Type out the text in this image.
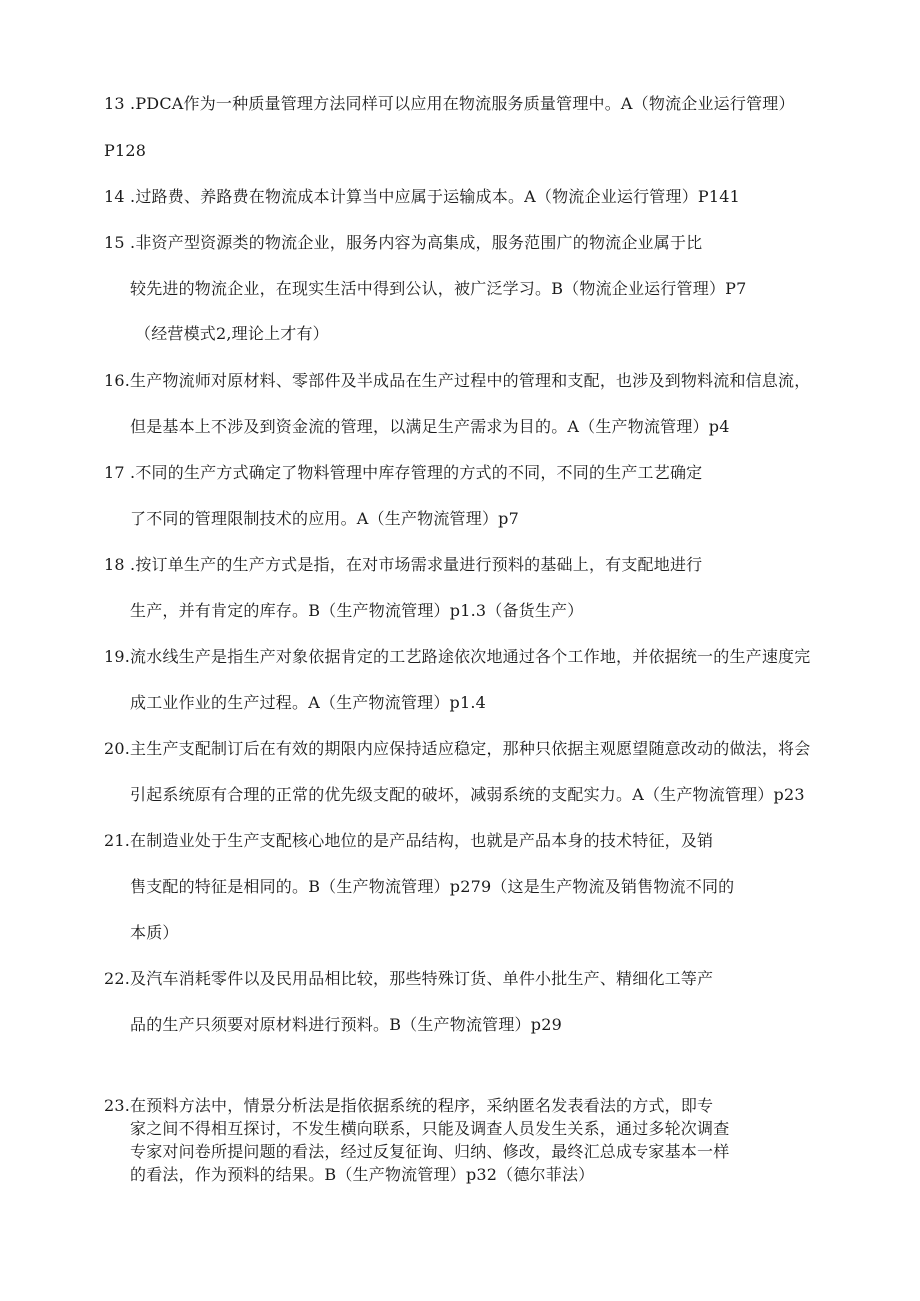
13 .PDCA作为一种质量管理方法同样可以应用在物流服务质量管理中。A（物流企业运行管理）
P128
14 .过路费、养路费在物流成本计算当中应属于运输成本。A（物流企业运行管理）P141
15 .非资产型资源类的物流企业，服务内容为高集成，服务范围广的物流企业属于比
较先进的物流企业，在现实生活中得到公认，被广泛学习。B（物流企业运行管理）P7
（经营模式2,理论上才有）
16.生产物流师对原材料、零部件及半成品在生产过程中的管理和支配，也涉及到物料流和信息流，
但是基本上不涉及到资金流的管理，以满足生产需求为目的。A（生产物流管理）p4
17 .不同的生产方式确定了物料管理中库存管理的方式的不同，不同的生产工艺确定
了不同的管理限制技术的应用。A（生产物流管理）p7
18 .按订单生产的生产方式是指，在对市场需求量进行预料的基础上，有支配地进行
生产，并有肯定的库存。B（生产物流管理）p1.3（备货生产）
19.流水线生产是指生产对象依据肯定的工艺路途依次地通过各个工作地，并依据统一的生产速度完
成工业作业的生产过程。A（生产物流管理）p1.4
20.主生产支配制订后在有效的期限内应保持适应稳定，那种只依据主观愿望随意改动的做法，将会
引起系统原有合理的正常的优先级支配的破坏，减弱系统的支配实力。A（生产物流管理）p23
21.在制造业处于生产支配核心地位的是产品结构，也就是产品本身的技术特征，及销
售支配的特征是相同的。B（生产物流管理）p279（这是生产物流及销售物流不同的
本质）
22.及汽车消耗零件以及民用品相比较，那些特殊订货、单件小批生产、精细化工等产
品的生产只须要对原材料进行预料。B（生产物流管理）p29
23.在预料方法中，情景分析法是指依据系统的程序，采纳匿名发表看法的方式，即专
家之间不得相互探讨，不发生横向联系，只能及调查人员发生关系，通过多轮次调查
专家对问卷所提问题的看法，经过反复征询、归纳、修改，最终汇总成专家基本一样
的看法，作为预料的结果。B（生产物流管理）p32（德尔菲法）
